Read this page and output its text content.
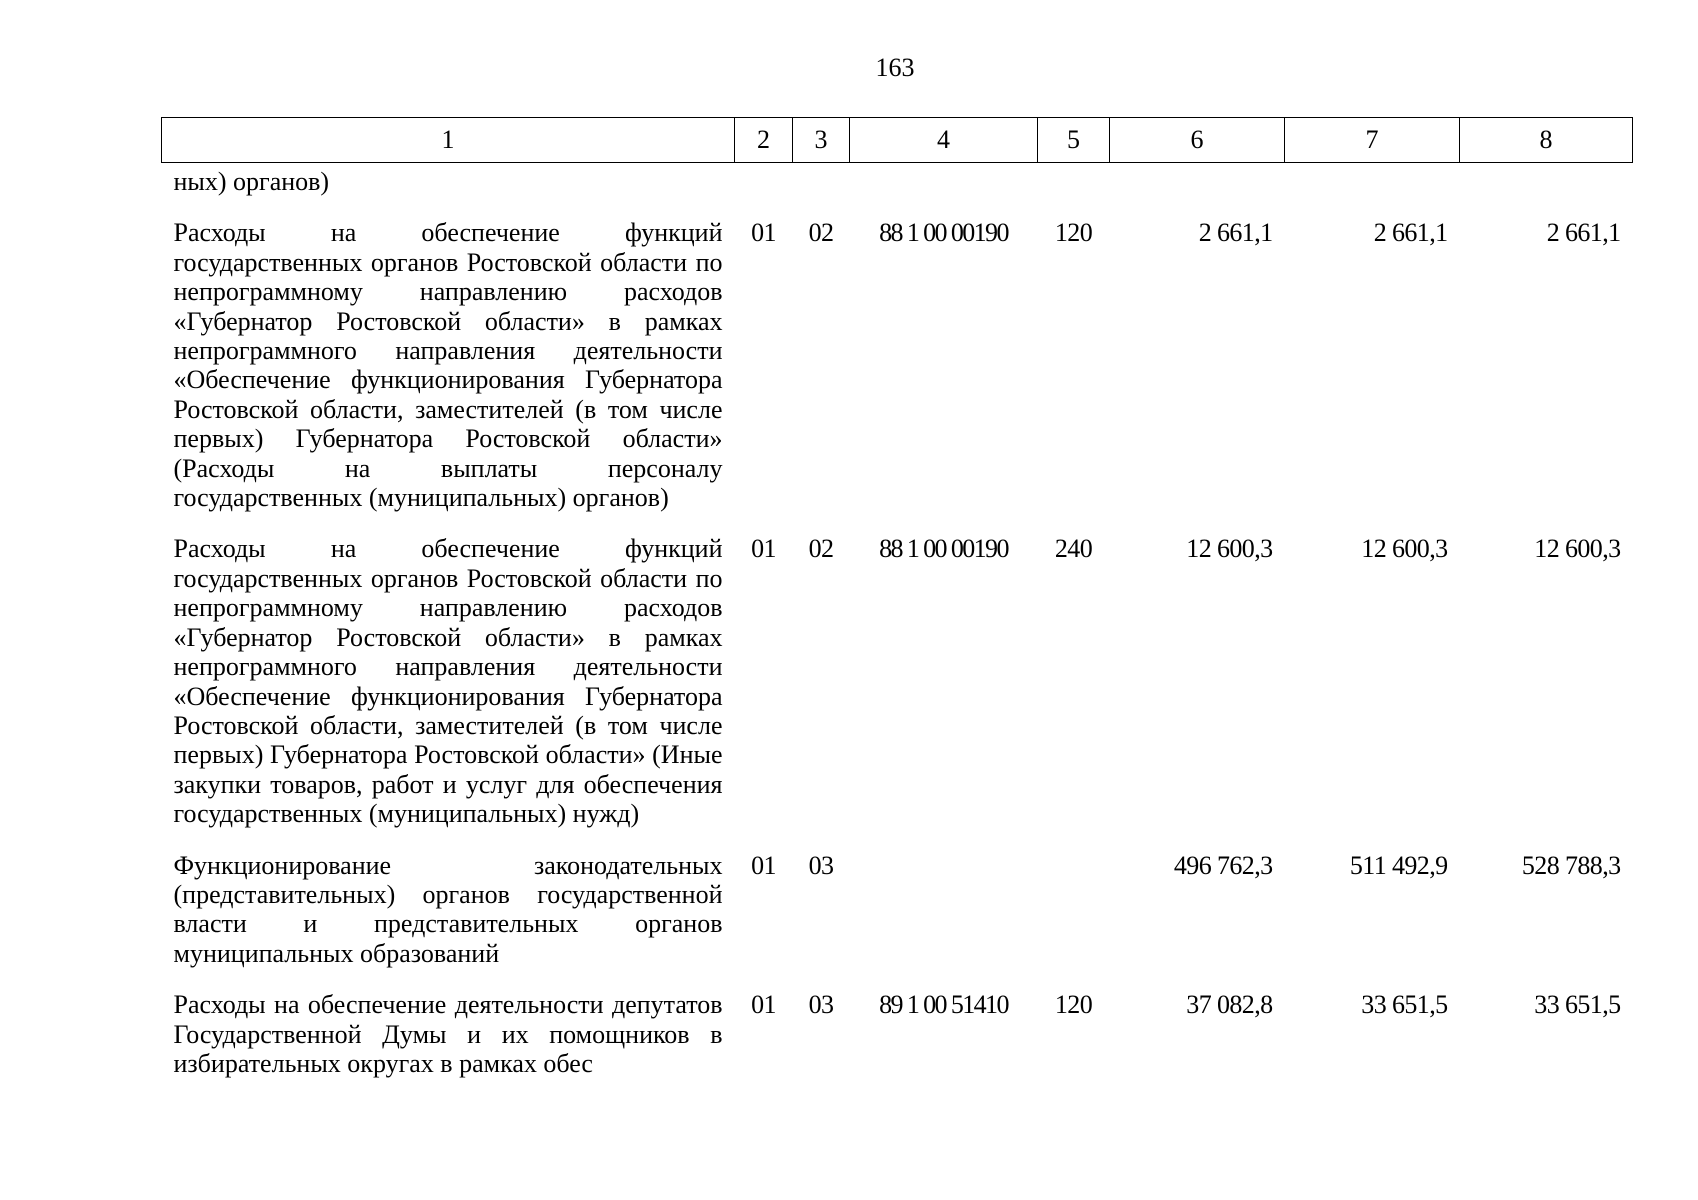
163
1	2	3	4	5	6	7	8
ных) органов)							
Расходы на обеспечение функций государственных органов Ростовской области по непрограммному направлению расходов «Губернатор Ростовской области» в рамках непрограммного направления деятельности «Обеспечение функционирования Губернатора Ростовской области, заместителей (в том числе первых) Губернатора Ростовской области» (Расходы на выплаты персоналу государственных (муниципальных) органов)	01	02	88 1 00 00190	120	2 661,1	2 661,1	2 661,1
Расходы на обеспечение функций государственных органов Ростовской области по непрограммному направлению расходов «Губернатор Ростовской области» в рамках непрограммного направления деятельности «Обеспечение функционирования Губернатора Ростовской области, заместителей (в том числе первых) Губернатора Ростовской области» (Иные закупки товаров, работ и услуг для обеспечения государственных (муниципальных) нужд)	01	02	88 1 00 00190	240	12 600,3	12 600,3	12 600,3
Функционирование законодательных (представительных) органов государственной власти и представительных органов муниципальных образований	01	03			496 762,3	511 492,9	528 788,3
Расходы на обеспечение деятельности депутатов Государственной Думы и их помощников в избирательных округах в рамках обес	01	03	89 1 00 51410	120	37 082,8	33 651,5	33 651,5
